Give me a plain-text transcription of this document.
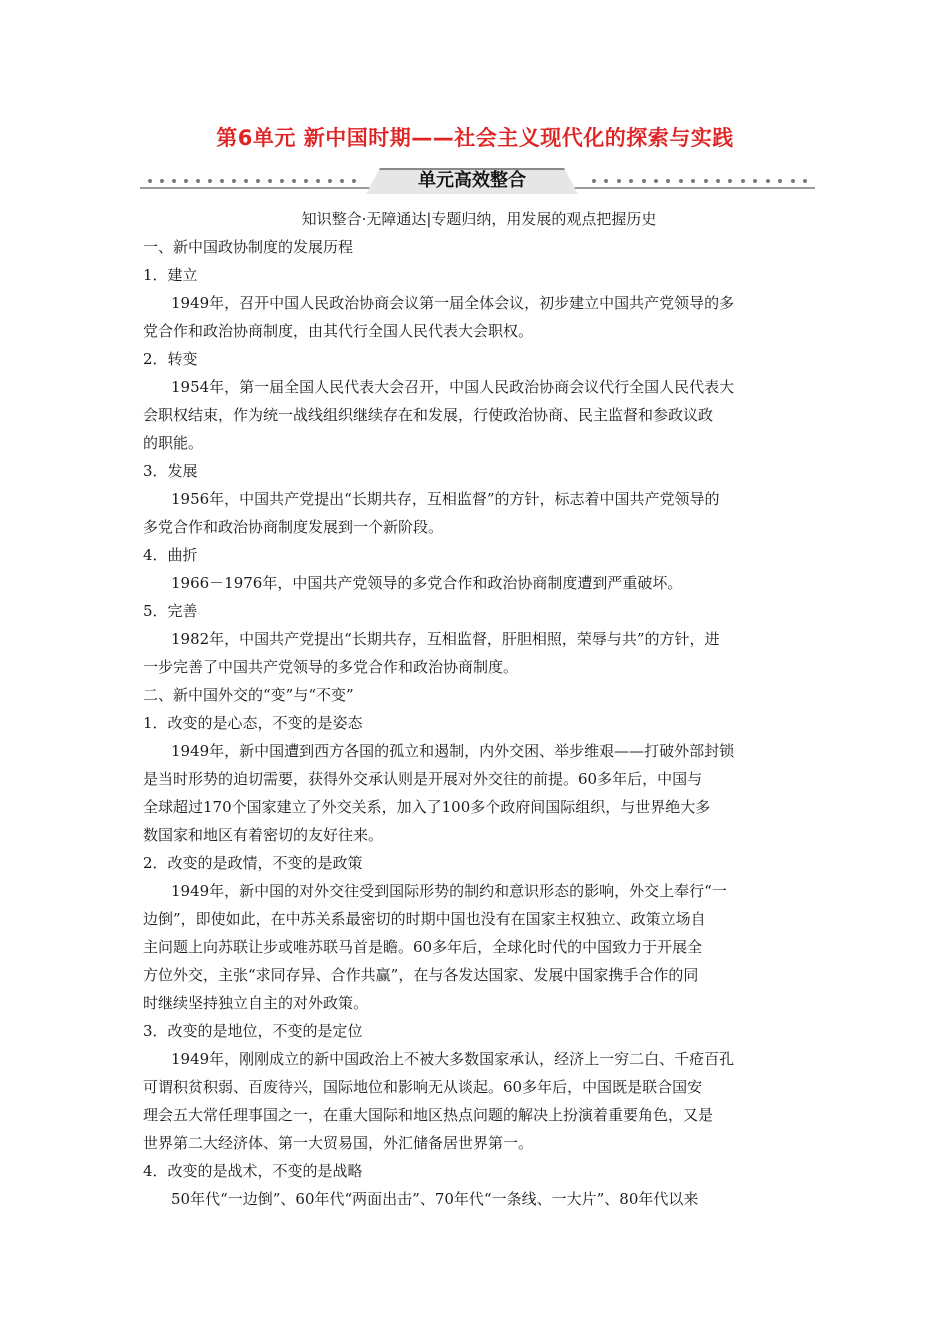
第6单元 新中国时期——社会主义现代化的探索与实践
单元高效整合
知识整合·无障通达|专题归纳，用发展的观点把握历史
一、新中国政协制度的发展历程
1．建立
1949年，召开中国人民政治协商会议第一届全体会议，初步建立中国共产党领导的多
党合作和政治协商制度，由其代行全国人民代表大会职权。
2．转变
1954年，第一届全国人民代表大会召开，中国人民政治协商会议代行全国人民代表大
会职权结束，作为统一战线组织继续存在和发展，行使政治协商、民主监督和参政议政
的职能。
3．发展
1956年，中国共产党提出“长期共存，互相监督”的方针，标志着中国共产党领导的
多党合作和政治协商制度发展到一个新阶段。
4．曲折
1966－1976年，中国共产党领导的多党合作和政治协商制度遭到严重破坏。
5．完善
1982年，中国共产党提出“长期共存，互相监督，肝胆相照，荣辱与共”的方针，进
一步完善了中国共产党领导的多党合作和政治协商制度。
二、新中国外交的“变”与“不变”
1．改变的是心态，不变的是姿态
1949年，新中国遭到西方各国的孤立和遏制，内外交困、举步维艰——打破外部封锁
是当时形势的迫切需要，获得外交承认则是开展对外交往的前提。60多年后，中国与
全球超过170个国家建立了外交关系，加入了100多个政府间国际组织，与世界绝大多
数国家和地区有着密切的友好往来。
2．改变的是政情，不变的是政策
1949年，新中国的对外交往受到国际形势的制约和意识形态的影响，外交上奉行“一
边倒”，即使如此，在中苏关系最密切的时期中国也没有在国家主权独立、政策立场自
主问题上向苏联让步或唯苏联马首是瞻。60多年后，全球化时代的中国致力于开展全
方位外交，主张“求同存异、合作共赢”，在与各发达国家、发展中国家携手合作的同
时继续坚持独立自主的对外政策。
3．改变的是地位，不变的是定位
1949年，刚刚成立的新中国政治上不被大多数国家承认，经济上一穷二白、千疮百孔
可谓积贫积弱、百废待兴，国际地位和影响无从谈起。60多年后，中国既是联合国安
理会五大常任理事国之一，在重大国际和地区热点问题的解决上扮演着重要角色，又是
世界第二大经济体、第一大贸易国，外汇储备居世界第一。
4．改变的是战术，不变的是战略
50年代“一边倒”、60年代“两面出击”、70年代“一条线、一大片”、80年代以来
